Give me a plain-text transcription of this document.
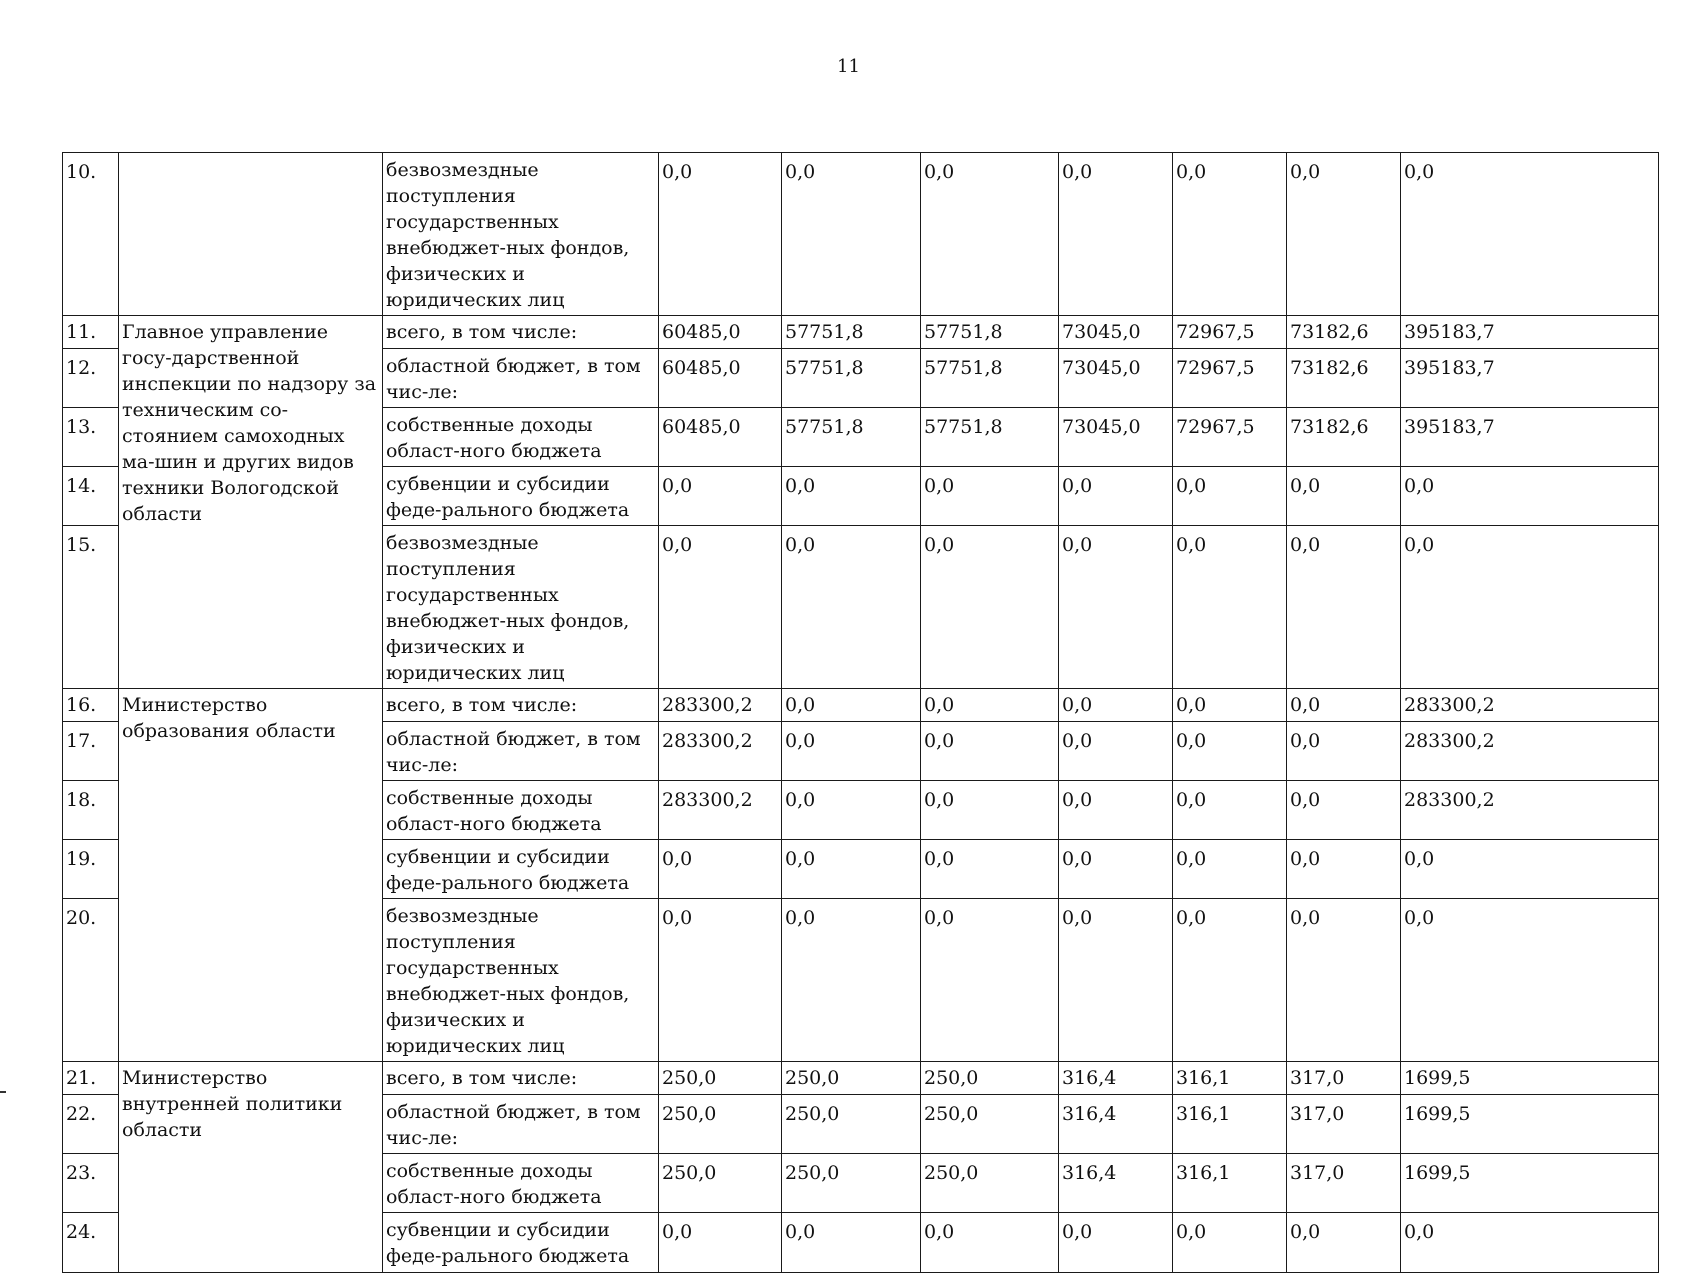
11
10.		безвозмездные поступления государственных внебюджет-ных фондов, физических и юридических лиц	0,0	0,0	0,0	0,0	0,0	0,0	0,0
11.	Главное управление госу-дарственной инспекции по надзору за техническим со-стоянием самоходных ма-шин и других видов техники Вологодской области	всего, в том числе:	60485,0	57751,8	57751,8	73045,0	72967,5	73182,6	395183,7
12.		областной бюджет, в том чис-ле:	60485,0	57751,8	57751,8	73045,0	72967,5	73182,6	395183,7
13.		собственные доходы област-ного бюджета	60485,0	57751,8	57751,8	73045,0	72967,5	73182,6	395183,7
14.		субвенции и субсидии феде-рального бюджета	0,0	0,0	0,0	0,0	0,0	0,0	0,0
15.		безвозмездные поступления государственных внебюджет-ных фондов, физических и юридических лиц	0,0	0,0	0,0	0,0	0,0	0,0	0,0
16.	Министерство образования области	всего, в том числе:	283300,2	0,0	0,0	0,0	0,0	0,0	283300,2
17.		областной бюджет, в том чис-ле:	283300,2	0,0	0,0	0,0	0,0	0,0	283300,2
18.		собственные доходы област-ного бюджета	283300,2	0,0	0,0	0,0	0,0	0,0	283300,2
19.		субвенции и субсидии феде-рального бюджета	0,0	0,0	0,0	0,0	0,0	0,0	0,0
20.		безвозмездные поступления государственных внебюджет-ных фондов, физических и юридических лиц	0,0	0,0	0,0	0,0	0,0	0,0	0,0
21.	Министерство внутренней политики области	всего, в том числе:	250,0	250,0	250,0	316,4	316,1	317,0	1699,5
22.		областной бюджет, в том чис-ле:	250,0	250,0	250,0	316,4	316,1	317,0	1699,5
23.		собственные доходы област-ного бюджета	250,0	250,0	250,0	316,4	316,1	317,0	1699,5
24.		субвенции и субсидии феде-рального бюджета	0,0	0,0	0,0	0,0	0,0	0,0	0,0
